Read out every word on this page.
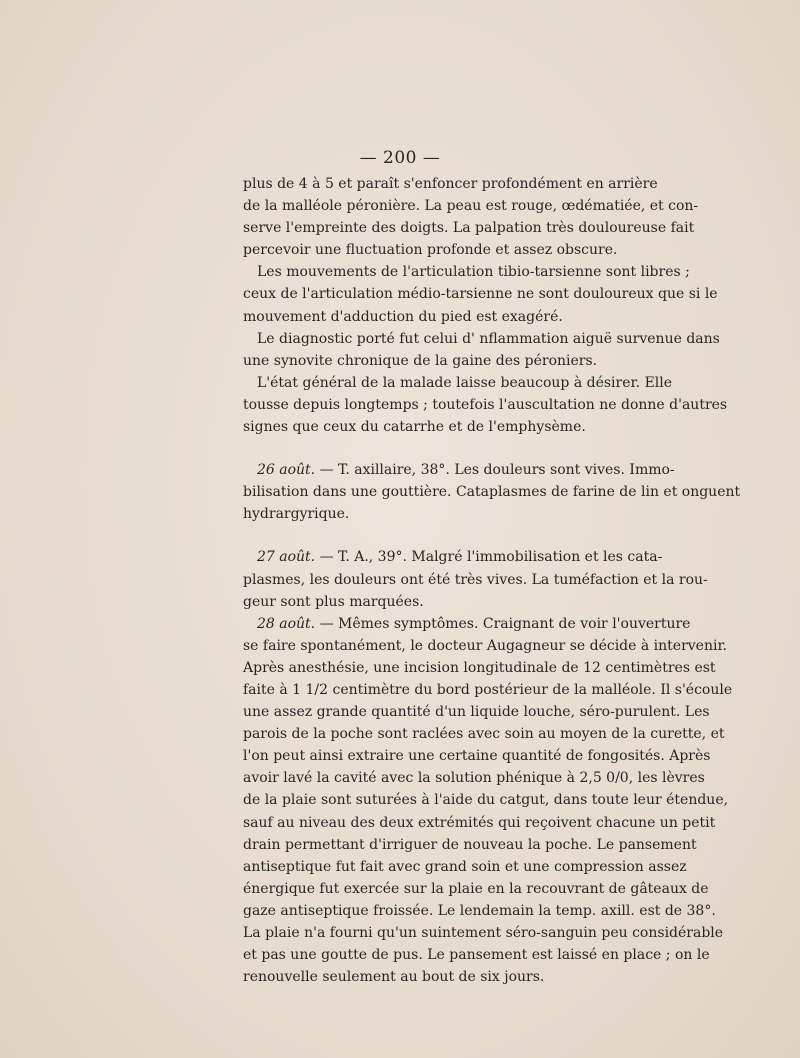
— 200 —
plus de 4 à 5 et paraît s'enfoncer profondément en arrière
de la malléole péronière. La peau est rouge, œdématiée, et con-
serve l'empreinte des doigts. La palpation très douloureuse fait
percevoir une fluctuation profonde et assez obscure.
Les mouvements de l'articulation tibio-tarsienne sont libres ;
ceux de l'articulation médio-tarsienne ne sont douloureux que si le
mouvement d'adduction du pied est exagéré.
Le diagnostic porté fut celui d' nflammation aiguë survenue dans
une synovite chronique de la gaine des péroniers.
L'état général de la malade laisse beaucoup à désirer. Elle
tousse depuis longtemps ; toutefois l'auscultation ne donne d'autres
signes que ceux du catarrhe et de l'emphysème.
26 août. — T. axillaire, 38°. Les douleurs sont vives. Immo-
bilisation dans une gouttière. Cataplasmes de farine de lin et onguent
hydrargyrique.
27 août. — T. A., 39°. Malgré l'immobilisation et les cata-
plasmes, les douleurs ont été très vives. La tuméfaction et la rou-
geur sont plus marquées.
28 août. — Mêmes symptômes. Craignant de voir l'ouverture
se faire spontanément, le docteur Augagneur se décide à intervenir.
Après anesthésie, une incision longitudinale de 12 centimètres est
faite à 1 1/2 centimètre du bord postérieur de la malléole. Il s'écoule
une assez grande quantité d'un liquide louche, séro-purulent. Les
parois de la poche sont raclées avec soin au moyen de la curette, et
l'on peut ainsi extraire une certaine quantité de fongosités. Après
avoir lavé la cavité avec la solution phénique à 2,5 0/0, les lèvres
de la plaie sont suturées à l'aide du catgut, dans toute leur étendue,
sauf au niveau des deux extrémités qui reçoivent chacune un petit
drain permettant d'irriguer de nouveau la poche. Le pansement
antiseptique fut fait avec grand soin et une compression assez
énergique fut exercée sur la plaie en la recouvrant de gâteaux de
gaze antiseptique froissée. Le lendemain la temp. axill. est de 38°.
La plaie n'a fourni qu'un suintement séro-sanguin peu considérable
et pas une goutte de pus. Le pansement est laissé en place ; on le
renouvelle seulement au bout de six jours.
